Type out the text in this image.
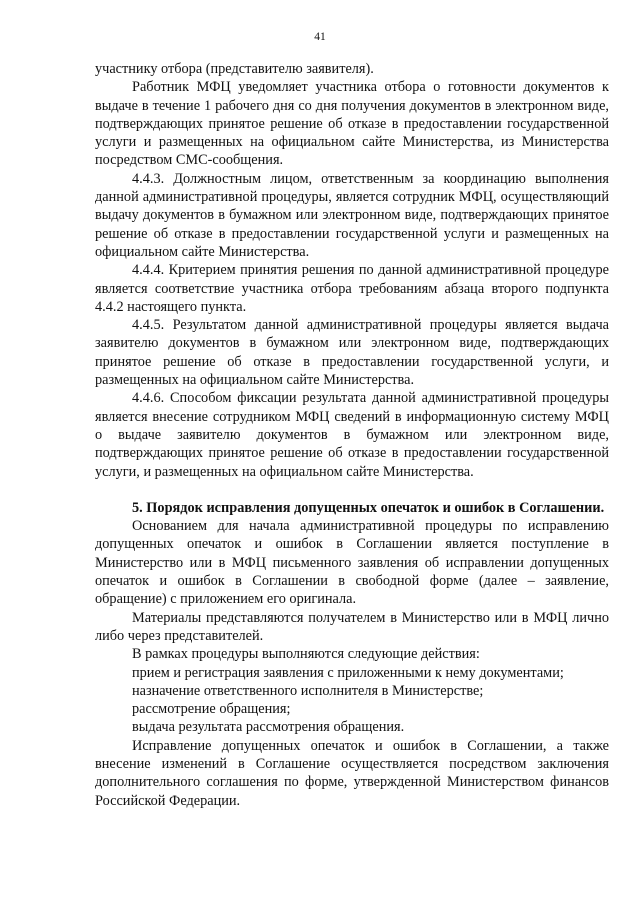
41

участнику отбора (представителю заявителя).

Работник МФЦ уведомляет участника отбора о готовности документов к выдаче в течение 1 рабочего дня со дня получения документов в электронном виде, подтверждающих принятое решение об отказе в предоставлении государственной услуги и размещенных на официальном сайте Министерства, из Министерства посредством СМС-сообщения.

4.4.3. Должностным лицом, ответственным за координацию выполнения данной административной процедуры, является сотрудник МФЦ, осуществляющий выдачу документов в бумажном или электронном виде, подтверждающих принятое решение об отказе в предоставлении государственной услуги и размещенных на официальном сайте Министерства.

4.4.4. Критерием принятия решения по данной административной процедуре является соответствие участника отбора требованиям абзаца второго подпункта 4.4.2 настоящего пункта.

4.4.5. Результатом данной административной процедуры является выдача заявителю документов в бумажном или электронном виде, подтверждающих принятое решение об отказе в предоставлении государственной услуги, и размещенных на официальном сайте Министерства.

4.4.6. Способом фиксации результата данной административной процедуры является внесение сотрудником МФЦ сведений в информационную систему МФЦ о выдаче заявителю документов в бумажном или электронном виде, подтверждающих принятое решение об отказе в предоставлении государственной услуги, и размещенных на официальном сайте Министерства.

5. Порядок исправления допущенных опечаток и ошибок в Соглашении.

Основанием для начала административной процедуры по исправлению допущенных опечаток и ошибок в Соглашении является поступление в Министерство или в МФЦ письменного заявления об исправлении допущенных опечаток и ошибок в Соглашении в свободной форме (далее – заявление, обращение) с приложением его оригинала.

Материалы представляются получателем в Министерство или в МФЦ лично либо через представителей.

В рамках процедуры выполняются следующие действия:

прием и регистрация заявления с приложенными к нему документами;

назначение ответственного исполнителя в Министерстве;

рассмотрение обращения;

выдача результата рассмотрения обращения.

Исправление допущенных опечаток и ошибок в Соглашении, а также внесение изменений в Соглашение осуществляется посредством заключения дополнительного соглашения по форме, утвержденной Министерством финансов Российской Федерации.
